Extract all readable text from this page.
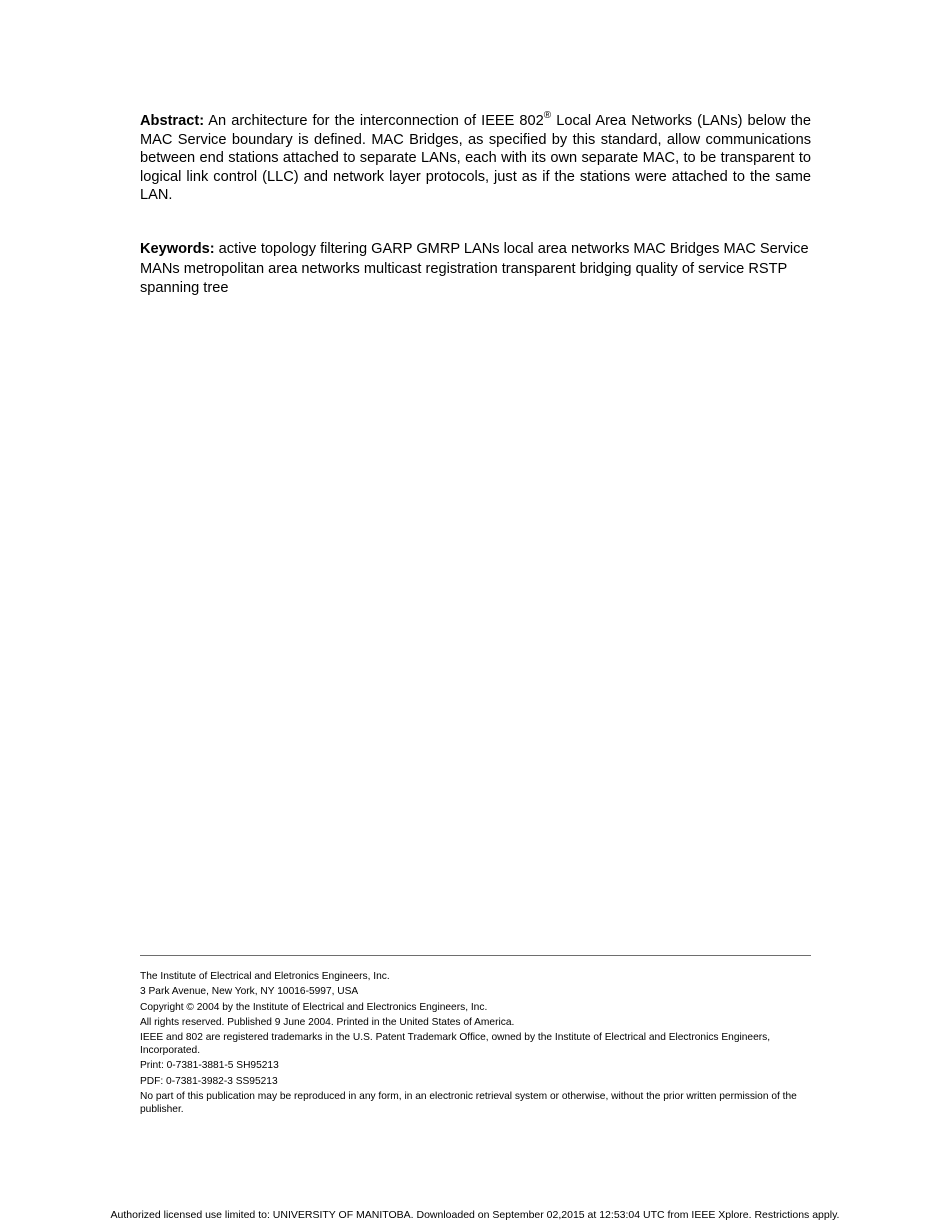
Abstract: An architecture for the interconnection of IEEE 802® Local Area Networks (LANs) below the MAC Service boundary is defined. MAC Bridges, as specified by this standard, allow communications between end stations attached to separate LANs, each with its own separate MAC, to be transparent to logical link control (LLC) and network layer protocols, just as if the stations were attached to the same LAN.

Keywords: active topology filtering GARP GMRP LANs local area networks MAC Bridges MAC Service MANs metropolitan area networks multicast registration transparent bridging quality of service RSTP spanning tree

The Institute of Electrical and Eletronics Engineers, Inc.

3 Park Avenue, New York, NY 10016-5997, USA

Copyright © 2004 by the Institute of Electrical and Electronics Engineers, Inc.

All rights reserved. Published 9 June 2004. Printed in the United States of America.

IEEE and 802 are registered trademarks in the U.S. Patent Trademark Office, owned by the Institute of Electrical and Electronics Engineers, Incorporated.

Print: 0-7381-3881-5 SH95213

PDF: 0-7381-3982-3 SS95213

No part of this publication may be reproduced in any form, in an electronic retrieval system or otherwise, without the prior written permission of the publisher.

Authorized licensed use limited to: UNIVERSITY OF MANITOBA. Downloaded on September 02,2015 at 12:53:04 UTC from IEEE Xplore. Restrictions apply.
